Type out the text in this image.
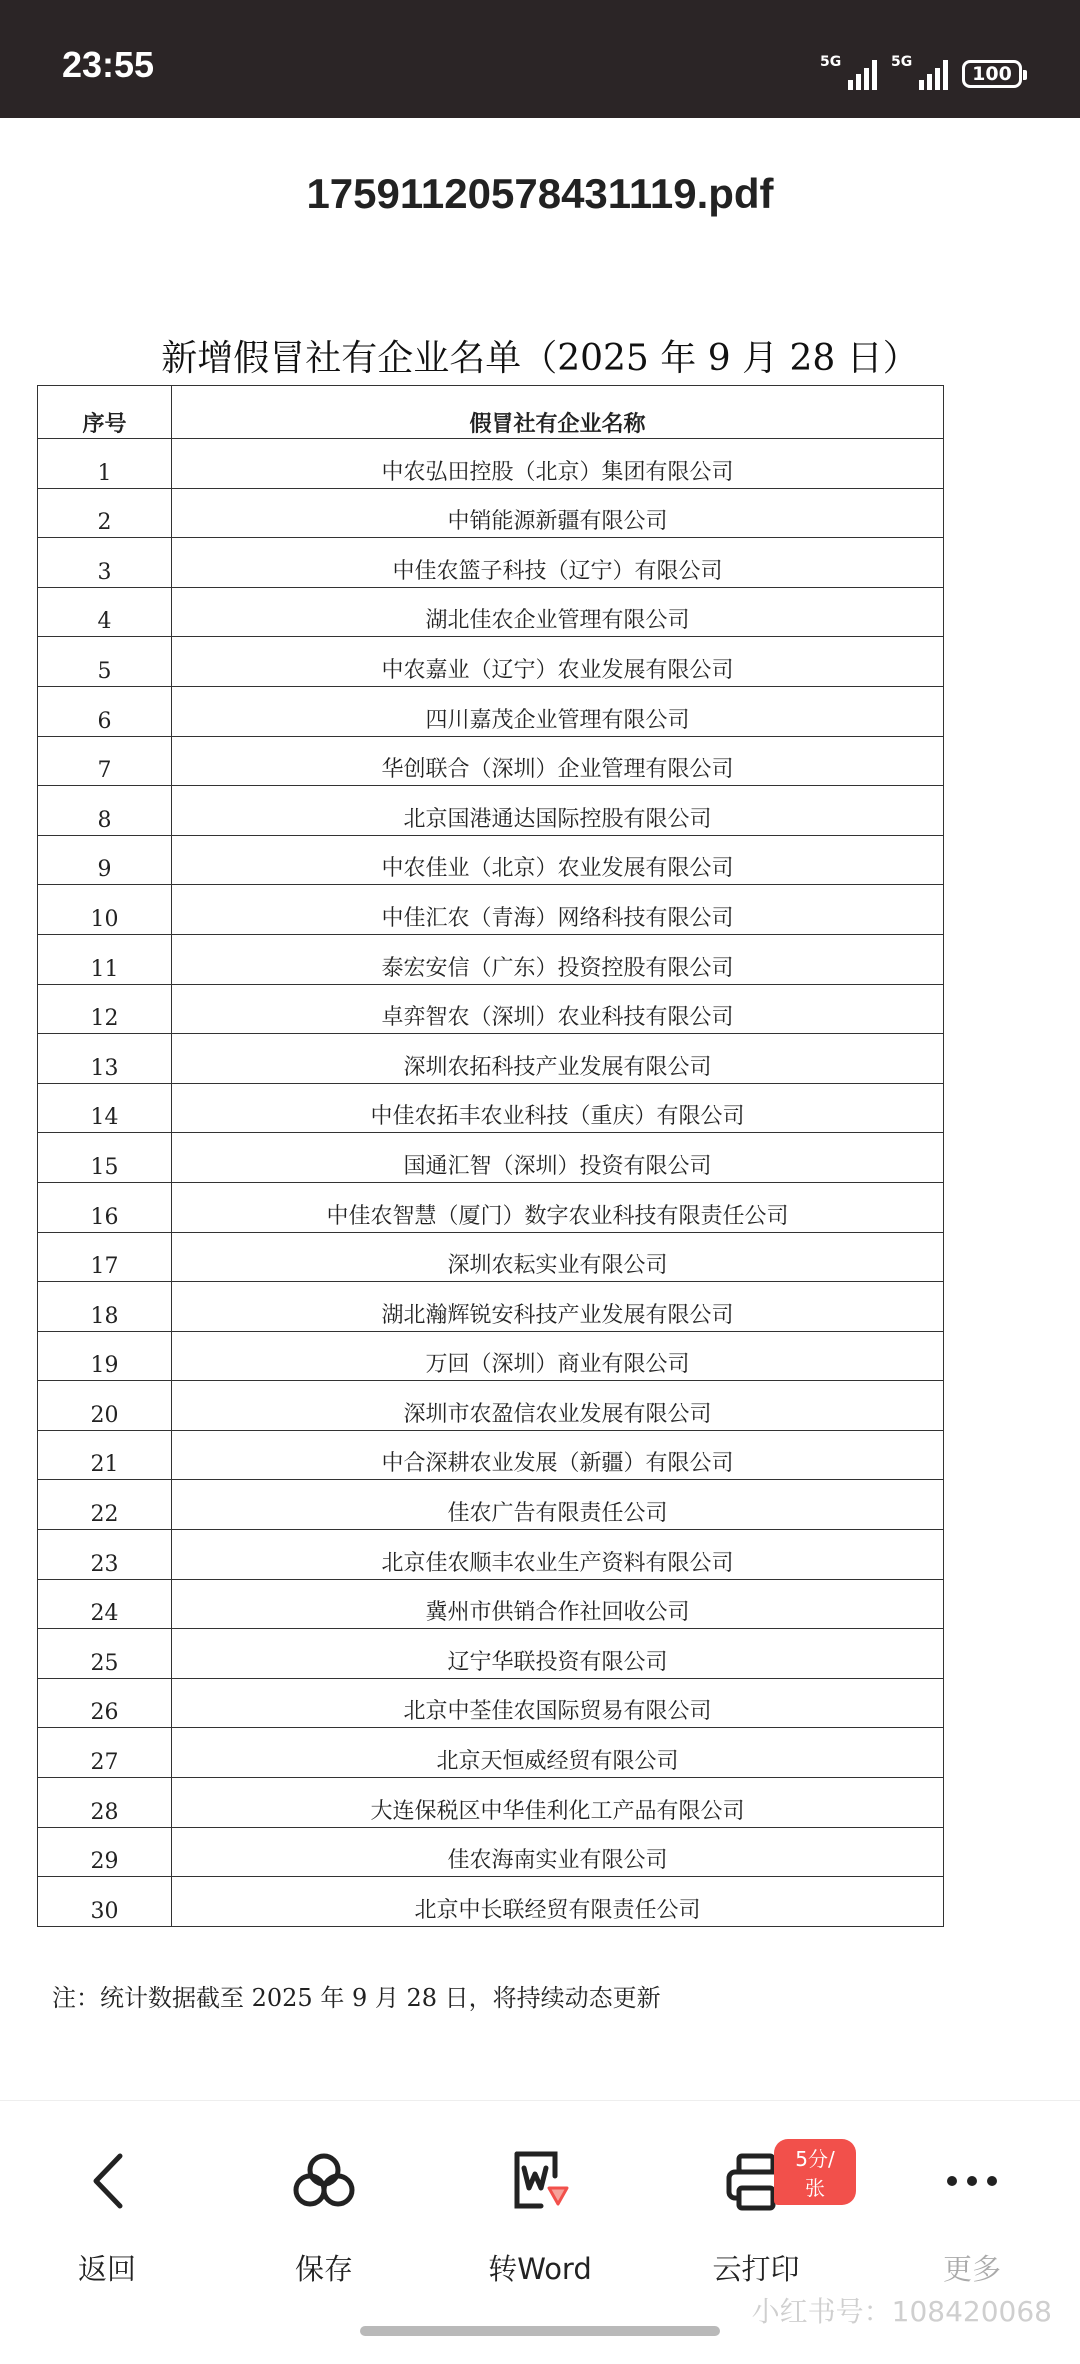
23:55	5G	5G
100
17591120578431119.pdf
新增假冒社有企业名单（2025 年 9 月 28 日）
序号	假冒社有企业名称
1	中农弘田控股（北京）集团有限公司
2	中销能源新疆有限公司
3	中佳农篮子科技（辽宁）有限公司
4	湖北佳农企业管理有限公司
5	中农嘉业（辽宁）农业发展有限公司
6	四川嘉茂企业管理有限公司
7	华创联合（深圳）企业管理有限公司
8	北京国港通达国际控股有限公司
9	中农佳业（北京）农业发展有限公司
10	中佳汇农（青海）网络科技有限公司
11	泰宏安信（广东）投资控股有限公司
12	卓弈智农（深圳）农业科技有限公司
13	深圳农拓科技产业发展有限公司
14	中佳农拓丰农业科技（重庆）有限公司
15	国通汇智（深圳）投资有限公司
16	中佳农智慧（厦门）数字农业科技有限责任公司
17	深圳农耘实业有限公司
18	湖北瀚辉锐安科技产业发展有限公司
19	万回（深圳）商业有限公司
20	深圳市农盈信农业发展有限公司
21	中合深耕农业发展（新疆）有限公司
22	佳农广告有限责任公司
23	北京佳农顺丰农业生产资料有限公司
24	冀州市供销合作社回收公司
25	辽宁华联投资有限公司
26	北京中荃佳农国际贸易有限公司
27	北京天恒威经贸有限公司
28	大连保税区中华佳利化工产品有限公司
29	佳农海南实业有限公司
30	北京中长联经贸有限责任公司
注：统计数据截至 2025 年 9 月 28 日，将持续动态更新
返回	保存	转Word
5分/张
云打印	更多
小红书号：108420068
